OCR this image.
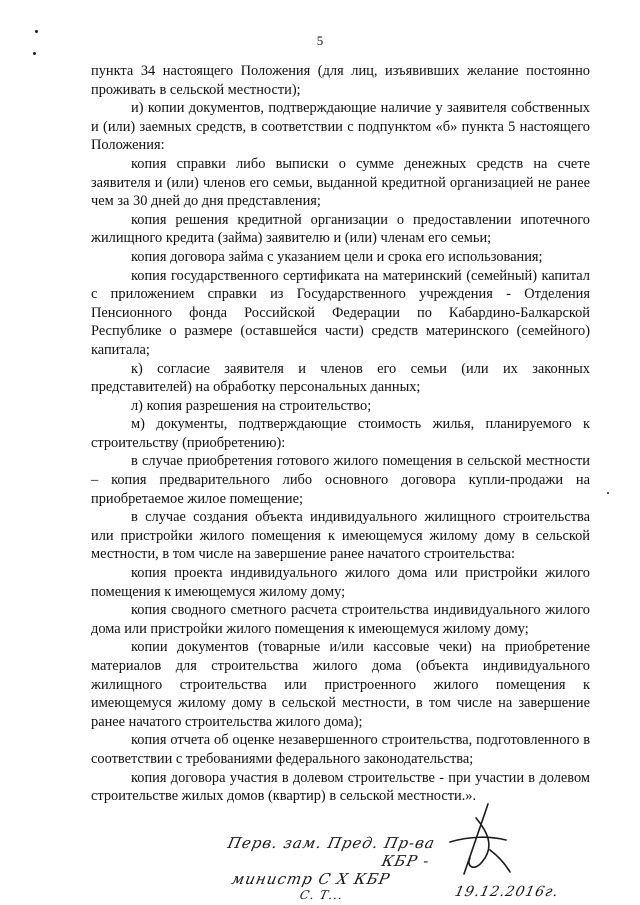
5

пункта 34 настоящего Положения (для лиц, изъявивших желание постоянно проживать в сельской местности);

и) копии документов, подтверждающие наличие у заявителя собственных и (или) заемных средств, в соответствии с подпунктом «б» пункта 5 настоящего Положения:

копия справки либо выписки о сумме денежных средств на счете заявителя и (или) членов его семьи, выданной кредитной организацией не ранее чем за 30 дней до дня представления;

копия решения кредитной организации о предоставлении ипотечного жилищного кредита (займа) заявителю и (или) членам его семьи;

копия договора займа с указанием цели и срока его использования;

копия государственного сертификата на материнский (семейный) капитал с приложением справки из Государственного учреждения - Отделения Пенсионного фонда Российской Федерации по Кабардино-Балкарской Республике о размере (оставшейся части) средств материнского (семейного) капитала;

к) согласие заявителя и членов его семьи (или их законных представителей) на обработку персональных данных;

л) копия разрешения на строительство;

м) документы, подтверждающие стоимость жилья, планируемого к строительству (приобретению):

в случае приобретения готового жилого помещения в сельской местности – копия предварительного либо основного договора купли-продажи на приобретаемое жилое помещение;

в случае создания объекта индивидуального жилищного строительства или пристройки жилого помещения к имеющемуся жилому дому в сельской местности, в том числе на завершение ранее начатого строительства:

копия проекта индивидуального жилого дома или пристройки жилого помещения к имеющемуся жилому дому;

копия сводного сметного расчета строительства индивидуального жилого дома или пристройки жилого помещения к имеющемуся жилому дому;

копии документов (товарные и/или кассовые чеки) на приобретение материалов для строительства жилого дома (объекта индивидуального жилищного строительства или пристроенного жилого помещения к имеющемуся жилому дому в сельской местности, в том числе на завершение ранее начатого строительства жилого дома);

копия отчета об оценке незавершенного строительства, подготовленного в соответствии с требованиями федерального законодательства;

копия договора участия в долевом строительстве - при участии в долевом строительстве жилых домов (квартир) в сельской местности.».

Перв. зам. Пред. Пр-ва
КБР -
министр С Х КБР
С. Т...	19.12.2016г.
